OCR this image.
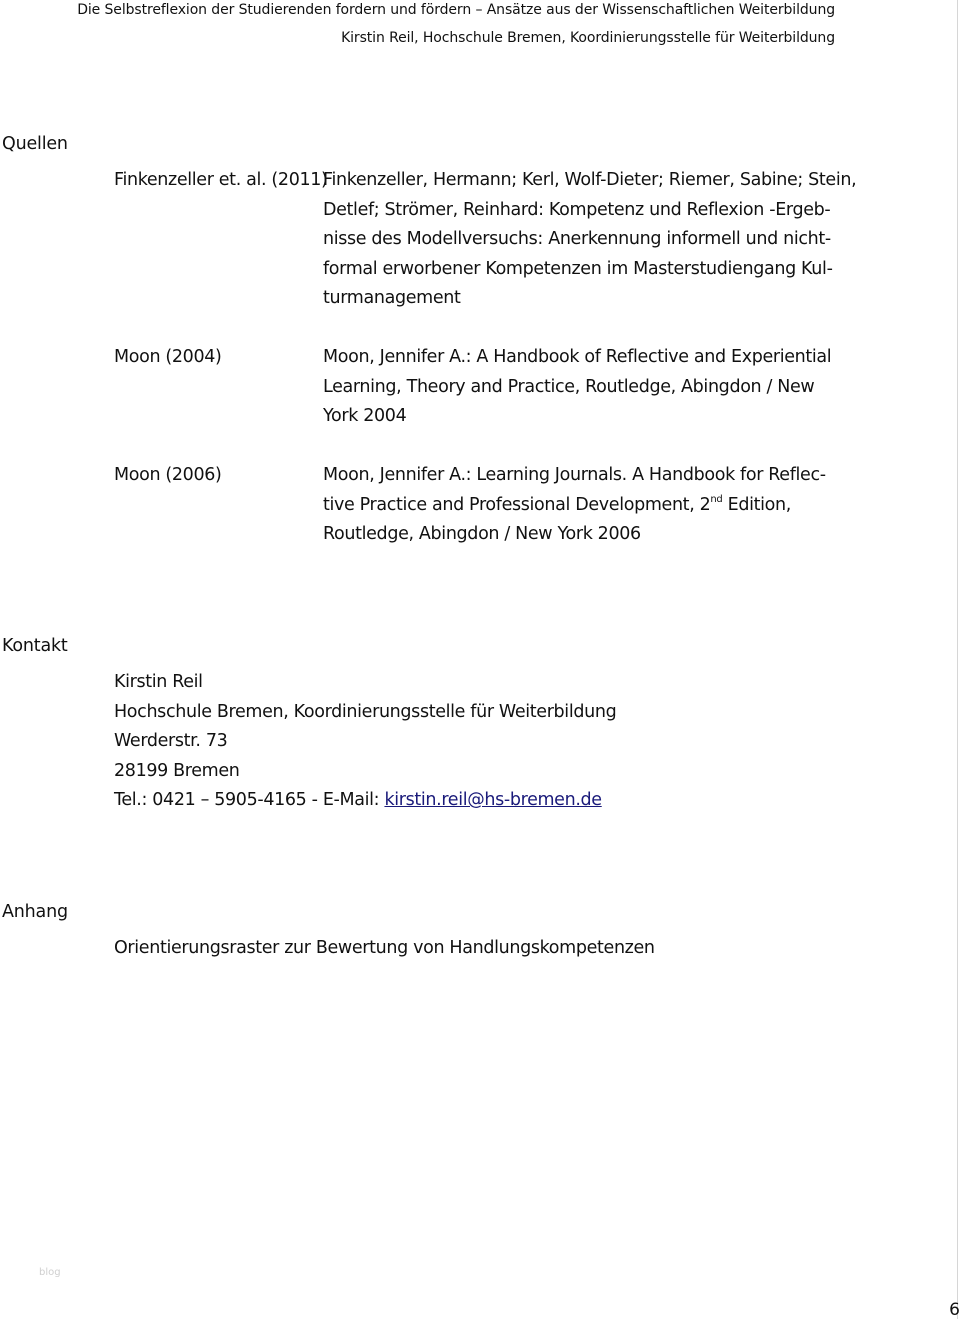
Die Selbstreflexion der Studierenden fordern und fördern – Ansätze aus der Wissenschaftlichen Weiterbildung
Kirstin Reil, Hochschule Bremen, Koordinierungsstelle für Weiterbildung
Quellen
Finkenzeller et. al. (2011)
Finkenzeller, Hermann; Kerl, Wolf-Dieter; Riemer, Sabine; Stein,
Detlef; Strömer, Reinhard: Kompetenz und Reflexion -Ergeb-
nisse des Modellversuchs: Anerkennung informell und nicht-
formal erworbener Kompetenzen im Masterstudiengang Kul-
turmanagement
Moon (2004)	Moon, Jennifer A.: A Handbook of Reflective and Experiential
Learning, Theory and Practice, Routledge, Abingdon / New
York 2004
Moon (2006)	Moon, Jennifer A.: Learning Journals. A Handbook for Reflec-
tive Practice and Professional Development, 2nd Edition,
Routledge, Abingdon / New York 2006
Kontakt
Kirstin Reil
Hochschule Bremen, Koordinierungsstelle für Weiterbildung
Werderstr. 73
28199 Bremen
Tel.: 0421 – 5905-4165 - E-Mail: kirstin.reil@hs-bremen.de
Anhang
Orientierungsraster zur Bewertung von Handlungskompetenzen
blog
6
